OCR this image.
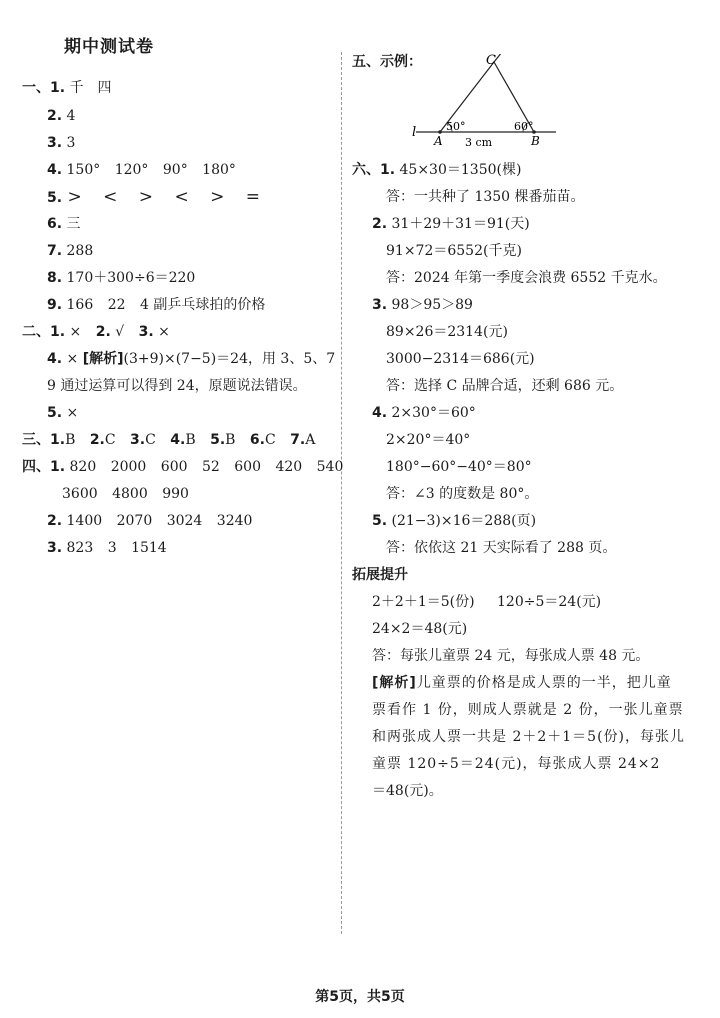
期中测试卷
一、1. 千　四
2. 4
3. 3
4. 150° 120° 90° 180°
5. > < > < > =
6. 三
7. 288
8. 170＋300÷6＝220
9. 166 22 4 副乒乓球拍的价格
二、1. × 2. √ 3. ×
4. × [解析](3+9)×(7−5)＝24，用 3、5、7
9 通过运算可以得到 24，原题说法错误。
5. ×
三、1.B 2.C 3.C 4.B 5.B 6.C 7.A
四、1. 820 2000 600 52 600 420 540
3600 4800 990
2. 1400 2070 3024 3240
3. 823 3 1514
五、示例：	C
A	B
l	50°	60°
3 cm
六、1. 45×30＝1350(棵)
答：一共种了 1350 棵番茄苗。
2. 31＋29＋31＝91(天)
91×72＝6552(千克)
答：2024 年第一季度会浪费 6552 千克水。
3. 98＞95＞89
89×26＝2314(元)
3000−2314＝686(元)
答：选择 C 品牌合适，还剩 686 元。
4. 2×30°＝60°
2×20°＝40°
180°−60°−40°＝80°
答：∠3 的度数是 80°。
5. (21−3)×16＝288(页)
答：依依这 21 天实际看了 288 页。
拓展提升
2＋2＋1＝5(份) 120÷5＝24(元)
24×2＝48(元)
答：每张儿童票 24 元，每张成人票 48 元。
[解析]儿童票的价格是成人票的一半，把儿童
票看作 1 份，则成人票就是 2 份，一张儿童票
和两张成人票一共是 2＋2＋1＝5(份)，每张儿
童票 120÷5＝24(元)，每张成人票 24×2
＝48(元)。
第5页，共5页
